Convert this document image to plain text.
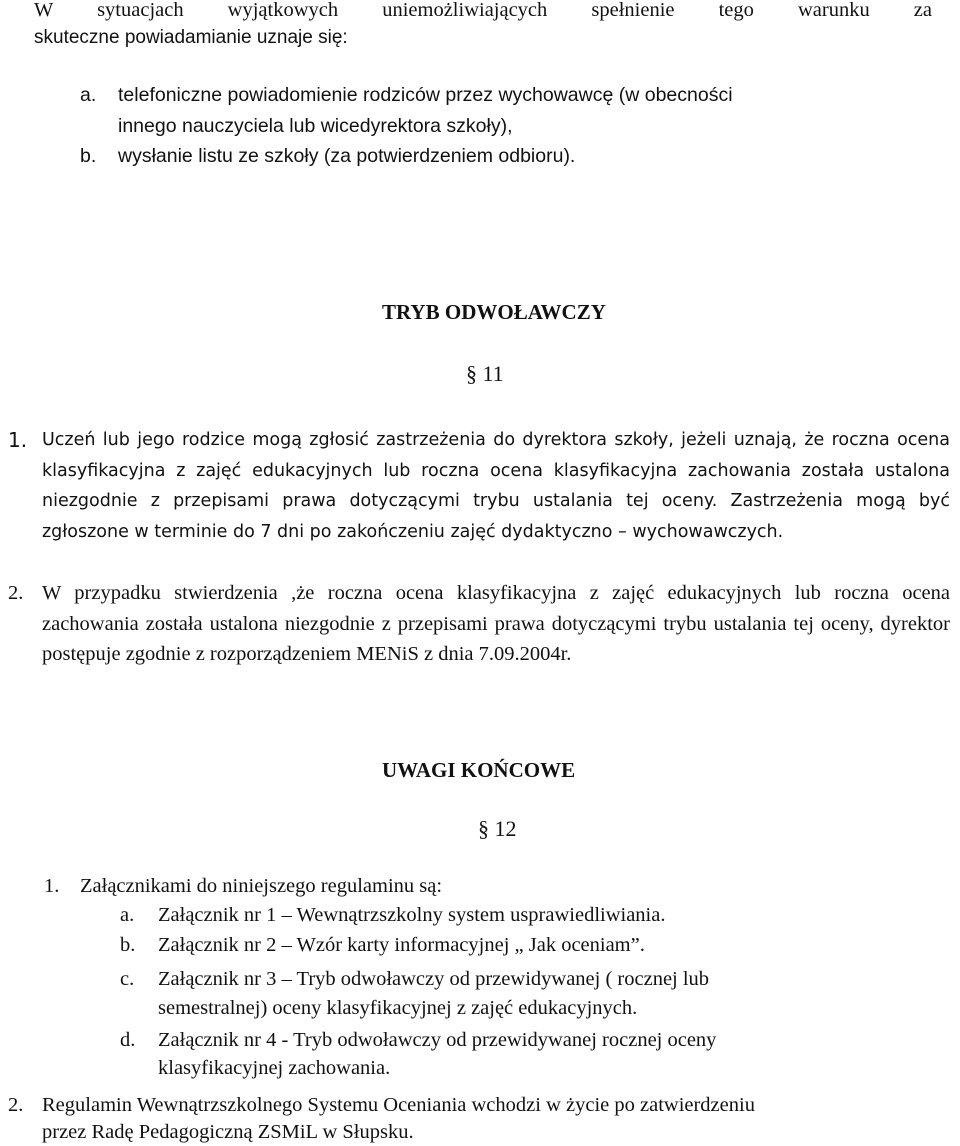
W sytuacjach wyjątkowych uniemożliwiających spełnienie tego warunku za
skuteczne powiadamianie uznaje się:
a. telefoniczne powiadomienie rodziców przez wychowawcę (w obecności
innego nauczyciela lub wicedyrektora szkoły),
b. wysłanie listu ze szkoły (za potwierdzeniem odbioru).
TRYB ODWOŁAWCZY
§ 11
1. Uczeń lub jego rodzice mogą zgłosić zastrzeżenia do dyrektora szkoły, jeżeli uznają, że roczna ocena klasyfikacyjna z zajęć edukacyjnych lub roczna ocena klasyfikacyjna zachowania została ustalona niezgodnie z przepisami prawa dotyczącymi trybu ustalania tej oceny. Zastrzeżenia mogą być zgłoszone w terminie do 7 dni po zakończeniu zajęć dydaktyczno – wychowawczych.
2. W przypadku stwierdzenia ,że roczna ocena klasyfikacyjna z zajęć edukacyjnych lub roczna ocena zachowania została ustalona niezgodnie z przepisami prawa dotyczącymi trybu ustalania tej oceny, dyrektor postępuje zgodnie z rozporządzeniem MENiS z dnia 7.09.2004r.
UWAGI KOŃCOWE
§ 12
1. Załącznikami do niniejszego regulaminu są:
a. Załącznik nr 1 – Wewnątrzszkolny system usprawiedliwiania.
b. Załącznik nr 2 – Wzór karty informacyjnej „ Jak oceniam”.
c. Załącznik nr 3 – Tryb odwoławczy od przewidywanej ( rocznej lub
semestralnej) oceny klasyfikacyjnej z zajęć edukacyjnych.
d. Załącznik nr 4 - Tryb odwoławczy od przewidywanej rocznej oceny
klasyfikacyjnej zachowania.
2. Regulamin Wewnątrzszkolnego Systemu Oceniania wchodzi w życie po zatwierdzeniu
przez Radę Pedagogiczną ZSMiL w Słupsku.
